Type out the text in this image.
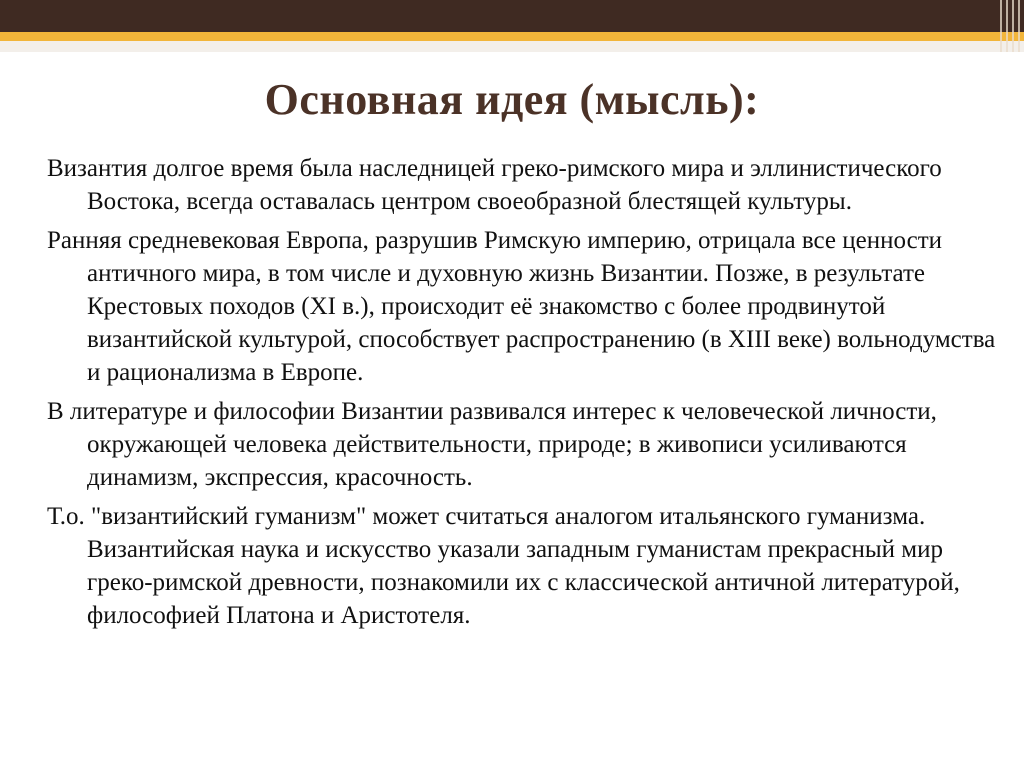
Основная идея (мысль):

Византия долгое время была наследницей греко-римского мира и эллинистического Востока, всегда оставалась центром своеобразной блестящей культуры.

Ранняя средневековая Европа, разрушив Римскую империю, отрицала все ценности античного мира, в том числе и духовную жизнь Византии. Позже, в результате Крестовых походов (XI в.), происходит её знакомство с более продвинутой византийской культурой, способствует распространению (в XIII веке) вольнодумства и рационализма в Европе.

В литературе и философии Византии развивался интерес к человеческой личности, окружающей человека действительности, природе; в живописи усиливаются динамизм, экспрессия, красочность.

Т.о. "византийский гуманизм" может считаться аналогом итальянского гуманизма. Византийская наука и искусство указали западным гуманистам прекрасный мир греко-римской древности, познакомили их с классической античной литературой, философией Платона и Аристотеля.
